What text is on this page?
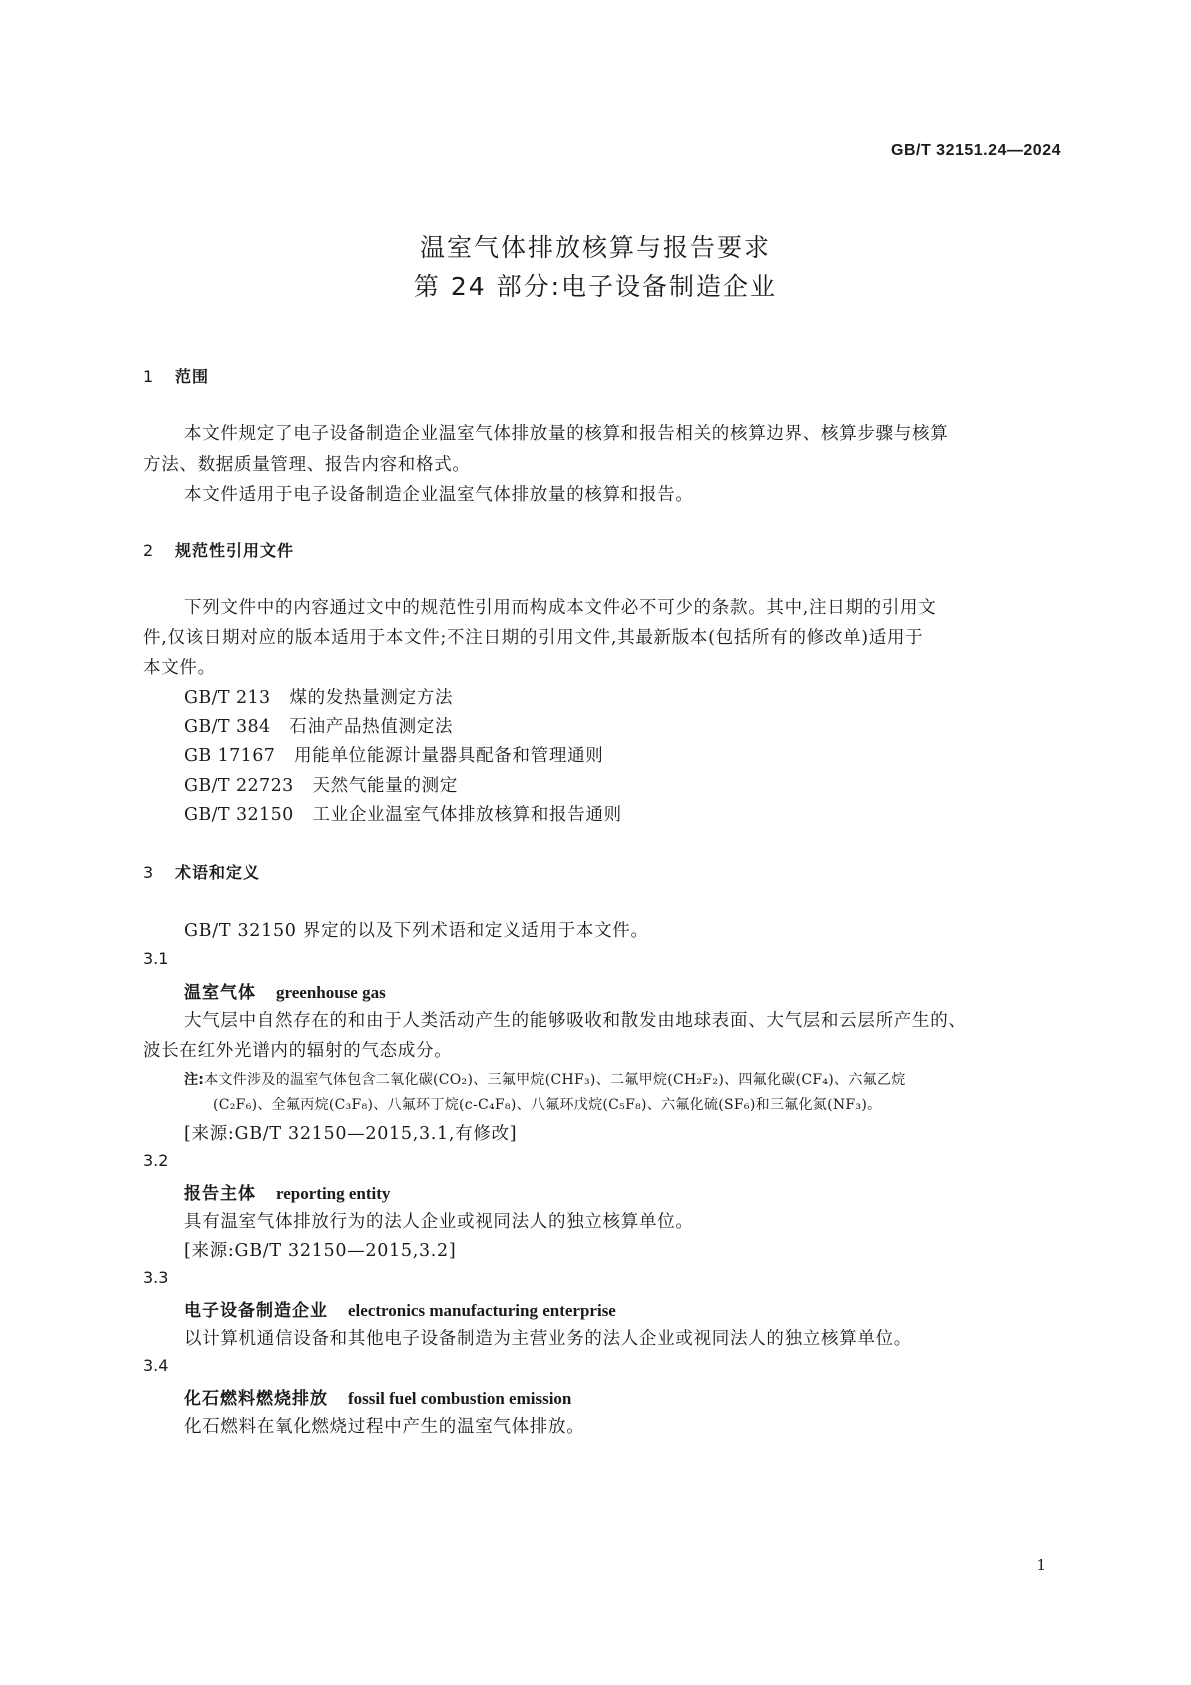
GB/T 32151.24—2024
温室气体排放核算与报告要求
第 24 部分:电子设备制造企业
1 范围
本文件规定了电子设备制造企业温室气体排放量的核算和报告相关的核算边界、核算步骤与核算
方法、数据质量管理、报告内容和格式。
本文件适用于电子设备制造企业温室气体排放量的核算和报告。
2 规范性引用文件
下列文件中的内容通过文中的规范性引用而构成本文件必不可少的条款。其中,注日期的引用文
件,仅该日期对应的版本适用于本文件;不注日期的引用文件,其最新版本(包括所有的修改单)适用于
本文件。
GB/T 213 煤的发热量测定方法
GB/T 384 石油产品热值测定法
GB 17167 用能单位能源计量器具配备和管理通则
GB/T 22723 天然气能量的测定
GB/T 32150 工业企业温室气体排放核算和报告通则
3 术语和定义
GB/T 32150 界定的以及下列术语和定义适用于本文件。
3.1
温室气体 greenhouse gas
大气层中自然存在的和由于人类活动产生的能够吸收和散发由地球表面、大气层和云层所产生的、
波长在红外光谱内的辐射的气态成分。
注:本文件涉及的温室气体包含二氧化碳(CO₂)、三氟甲烷(CHF₃)、二氟甲烷(CH₂F₂)、四氟化碳(CF₄)、六氟乙烷
(C₂F₆)、全氟丙烷(C₃F₈)、八氟环丁烷(c-C₄F₈)、八氟环戊烷(C₅F₈)、六氟化硫(SF₆)和三氟化氮(NF₃)。
[来源:GB/T 32150—2015,3.1,有修改]
3.2
报告主体 reporting entity
具有温室气体排放行为的法人企业或视同法人的独立核算单位。
[来源:GB/T 32150—2015,3.2]
3.3
电子设备制造企业 electronics manufacturing enterprise
以计算机通信设备和其他电子设备制造为主营业务的法人企业或视同法人的独立核算单位。
3.4
化石燃料燃烧排放 fossil fuel combustion emission
化石燃料在氧化燃烧过程中产生的温室气体排放。
1
